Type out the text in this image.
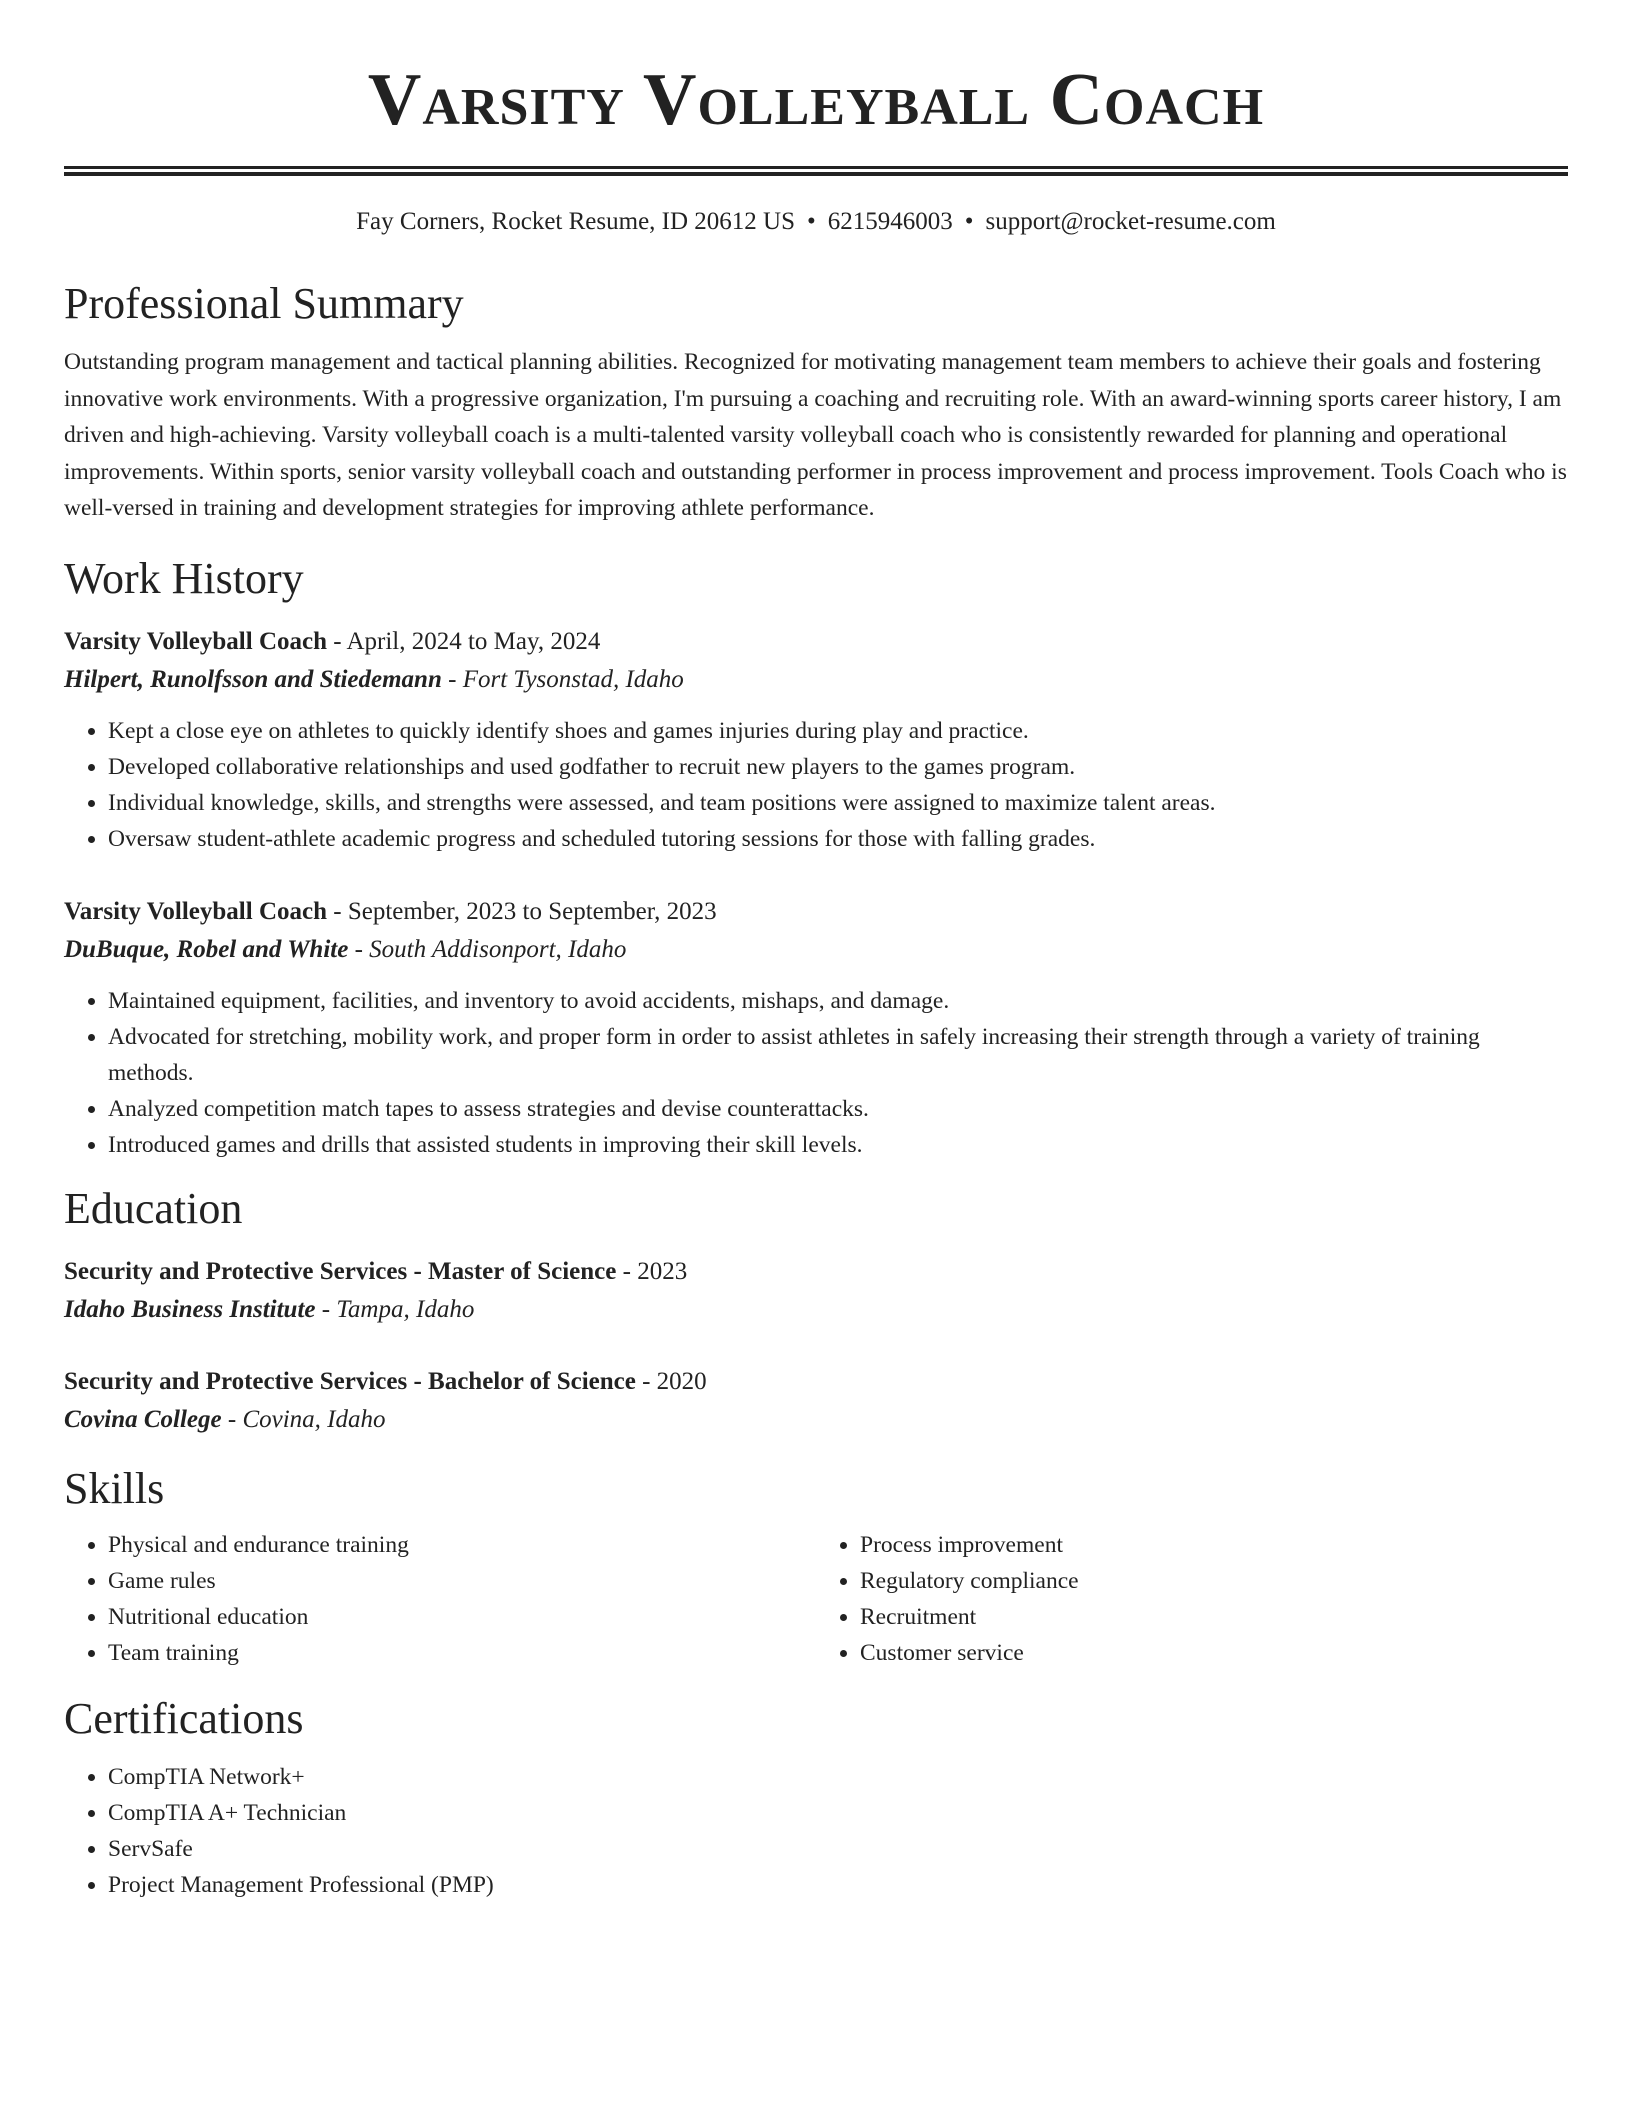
Varsity Volleyball Coach
Fay Corners, Rocket Resume, ID 20612 US • 6215946003 • support@rocket-resume.com
Professional Summary

Outstanding program management and tactical planning abilities. Recognized for motivating management team members to achieve their goals and fostering innovative work environments. With a progressive organization, I'm pursuing a coaching and recruiting role. With an award-winning sports career history, I am driven and high-achieving. Varsity volleyball coach is a multi-talented varsity volleyball coach who is consistently rewarded for planning and operational improvements. Within sports, senior varsity volleyball coach and outstanding performer in process improvement and process improvement. Tools Coach who is well-versed in training and development strategies for improving athlete performance.

Work History
Varsity Volleyball Coach - April, 2024 to May, 2024
Hilpert, Runolfsson and Stiedemann - Fort Tysonstad, Idaho
• Kept a close eye on athletes to quickly identify shoes and games injuries during play and practice.
• Developed collaborative relationships and used godfather to recruit new players to the games program.
• Individual knowledge, skills, and strengths were assessed, and team positions were assigned to maximize talent areas.
• Oversaw student-athlete academic progress and scheduled tutoring sessions for those with falling grades.
Varsity Volleyball Coach - September, 2023 to September, 2023
DuBuque, Robel and White - South Addisonport, Idaho
• Maintained equipment, facilities, and inventory to avoid accidents, mishaps, and damage.
• Advocated for stretching, mobility work, and proper form in order to assist athletes in safely increasing their strength through a variety of training methods.
• Analyzed competition match tapes to assess strategies and devise counterattacks.
• Introduced games and drills that assisted students in improving their skill levels.
Education
Security and Protective Services - Master of Science - 2023
Idaho Business Institute - Tampa, Idaho
Security and Protective Services - Bachelor of Science - 2020
Covina College - Covina, Idaho
Skills
• Physical and endurance training
• Game rules
• Nutritional education
• Team training
• Process improvement
• Regulatory compliance
• Recruitment
• Customer service
Certifications
• CompTIA Network+
• CompTIA A+ Technician
• ServSafe
• Project Management Professional (PMP)
